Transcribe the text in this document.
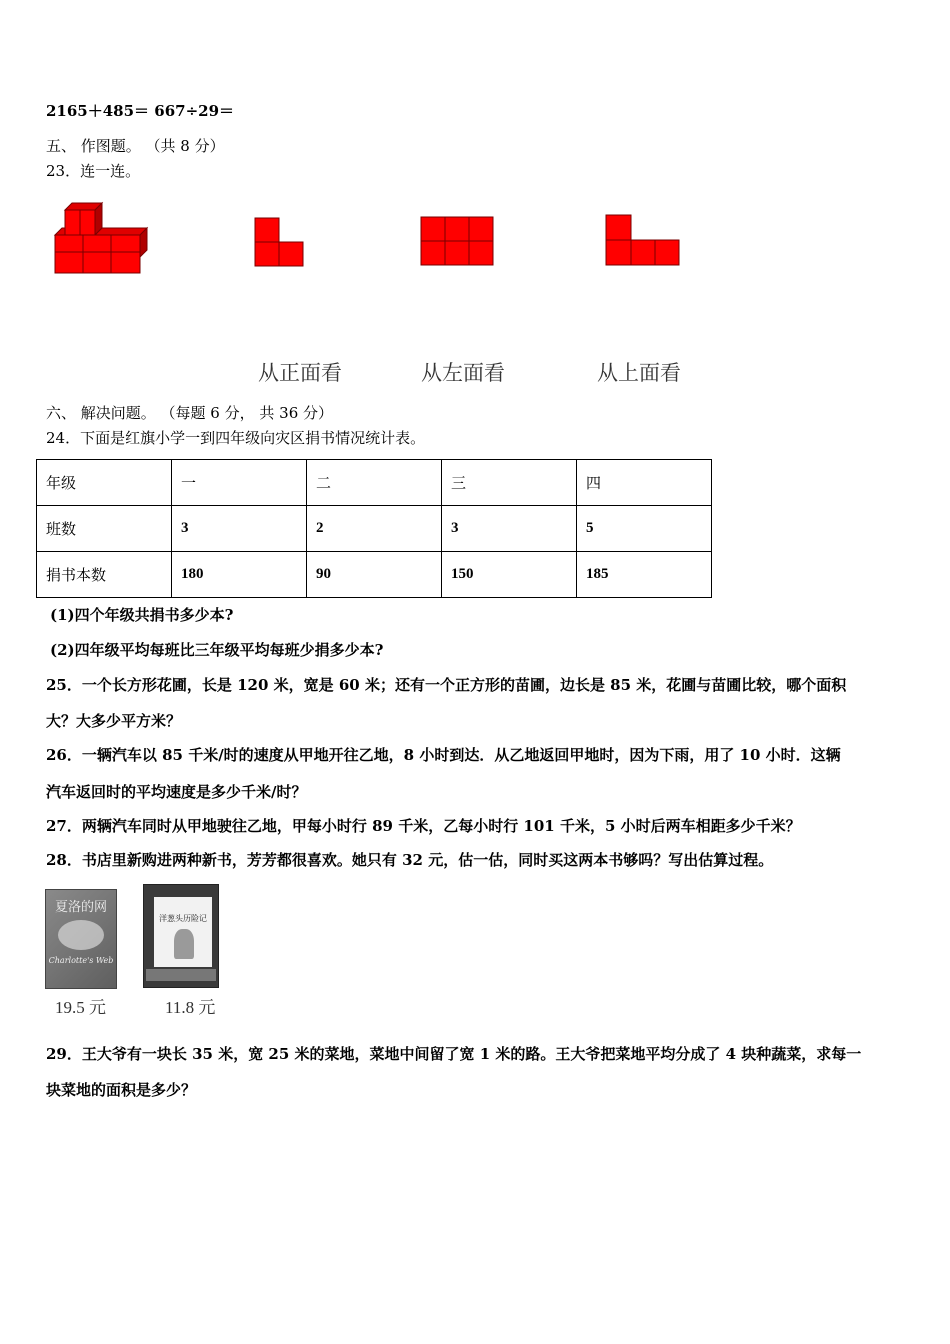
2165＋485＝ 667÷29＝
五、 作图题。 （共 8 分）
23．连一连。
从正面看	从左面看	从上面看
六、 解决问题。 （每题 6 分， 共 36 分）
24．下面是红旗小学一到四年级向灾区捐书情况统计表。
年级	一	二	三	四
班数	3	2	3	5
捐书本数	180	90	150	185
(1)四个年级共捐书多少本?
(2)四年级平均每班比三年级平均每班少捐多少本?
25．一个长方形花圃，长是 120 米，宽是 60 米；还有一个正方形的苗圃，边长是 85 米，花圃与苗圃比较，哪个面积
大？大多少平方米？
26．一辆汽车以 85 千米/时的速度从甲地开往乙地，8 小时到达．从乙地返回甲地时，因为下雨，用了 10 小时．这辆
汽车返回时的平均速度是多少千米/时？
27．两辆汽车同时从甲地驶往乙地，甲每小时行 89 千米，乙每小时行 101 千米，5 小时后两车相距多少千米？
28．书店里新购进两种新书，芳芳都很喜欢。她只有 32 元，估一估，同时买这两本书够吗？写出估算过程。
夏洛的网
Charlotte's Web
19.5 元
洋葱头历险记
11.8 元
29．王大爷有一块长 35 米，宽 25 米的菜地，菜地中间留了宽 1 米的路。王大爷把菜地平均分成了 4 块种蔬菜，求每一
块菜地的面积是多少？
